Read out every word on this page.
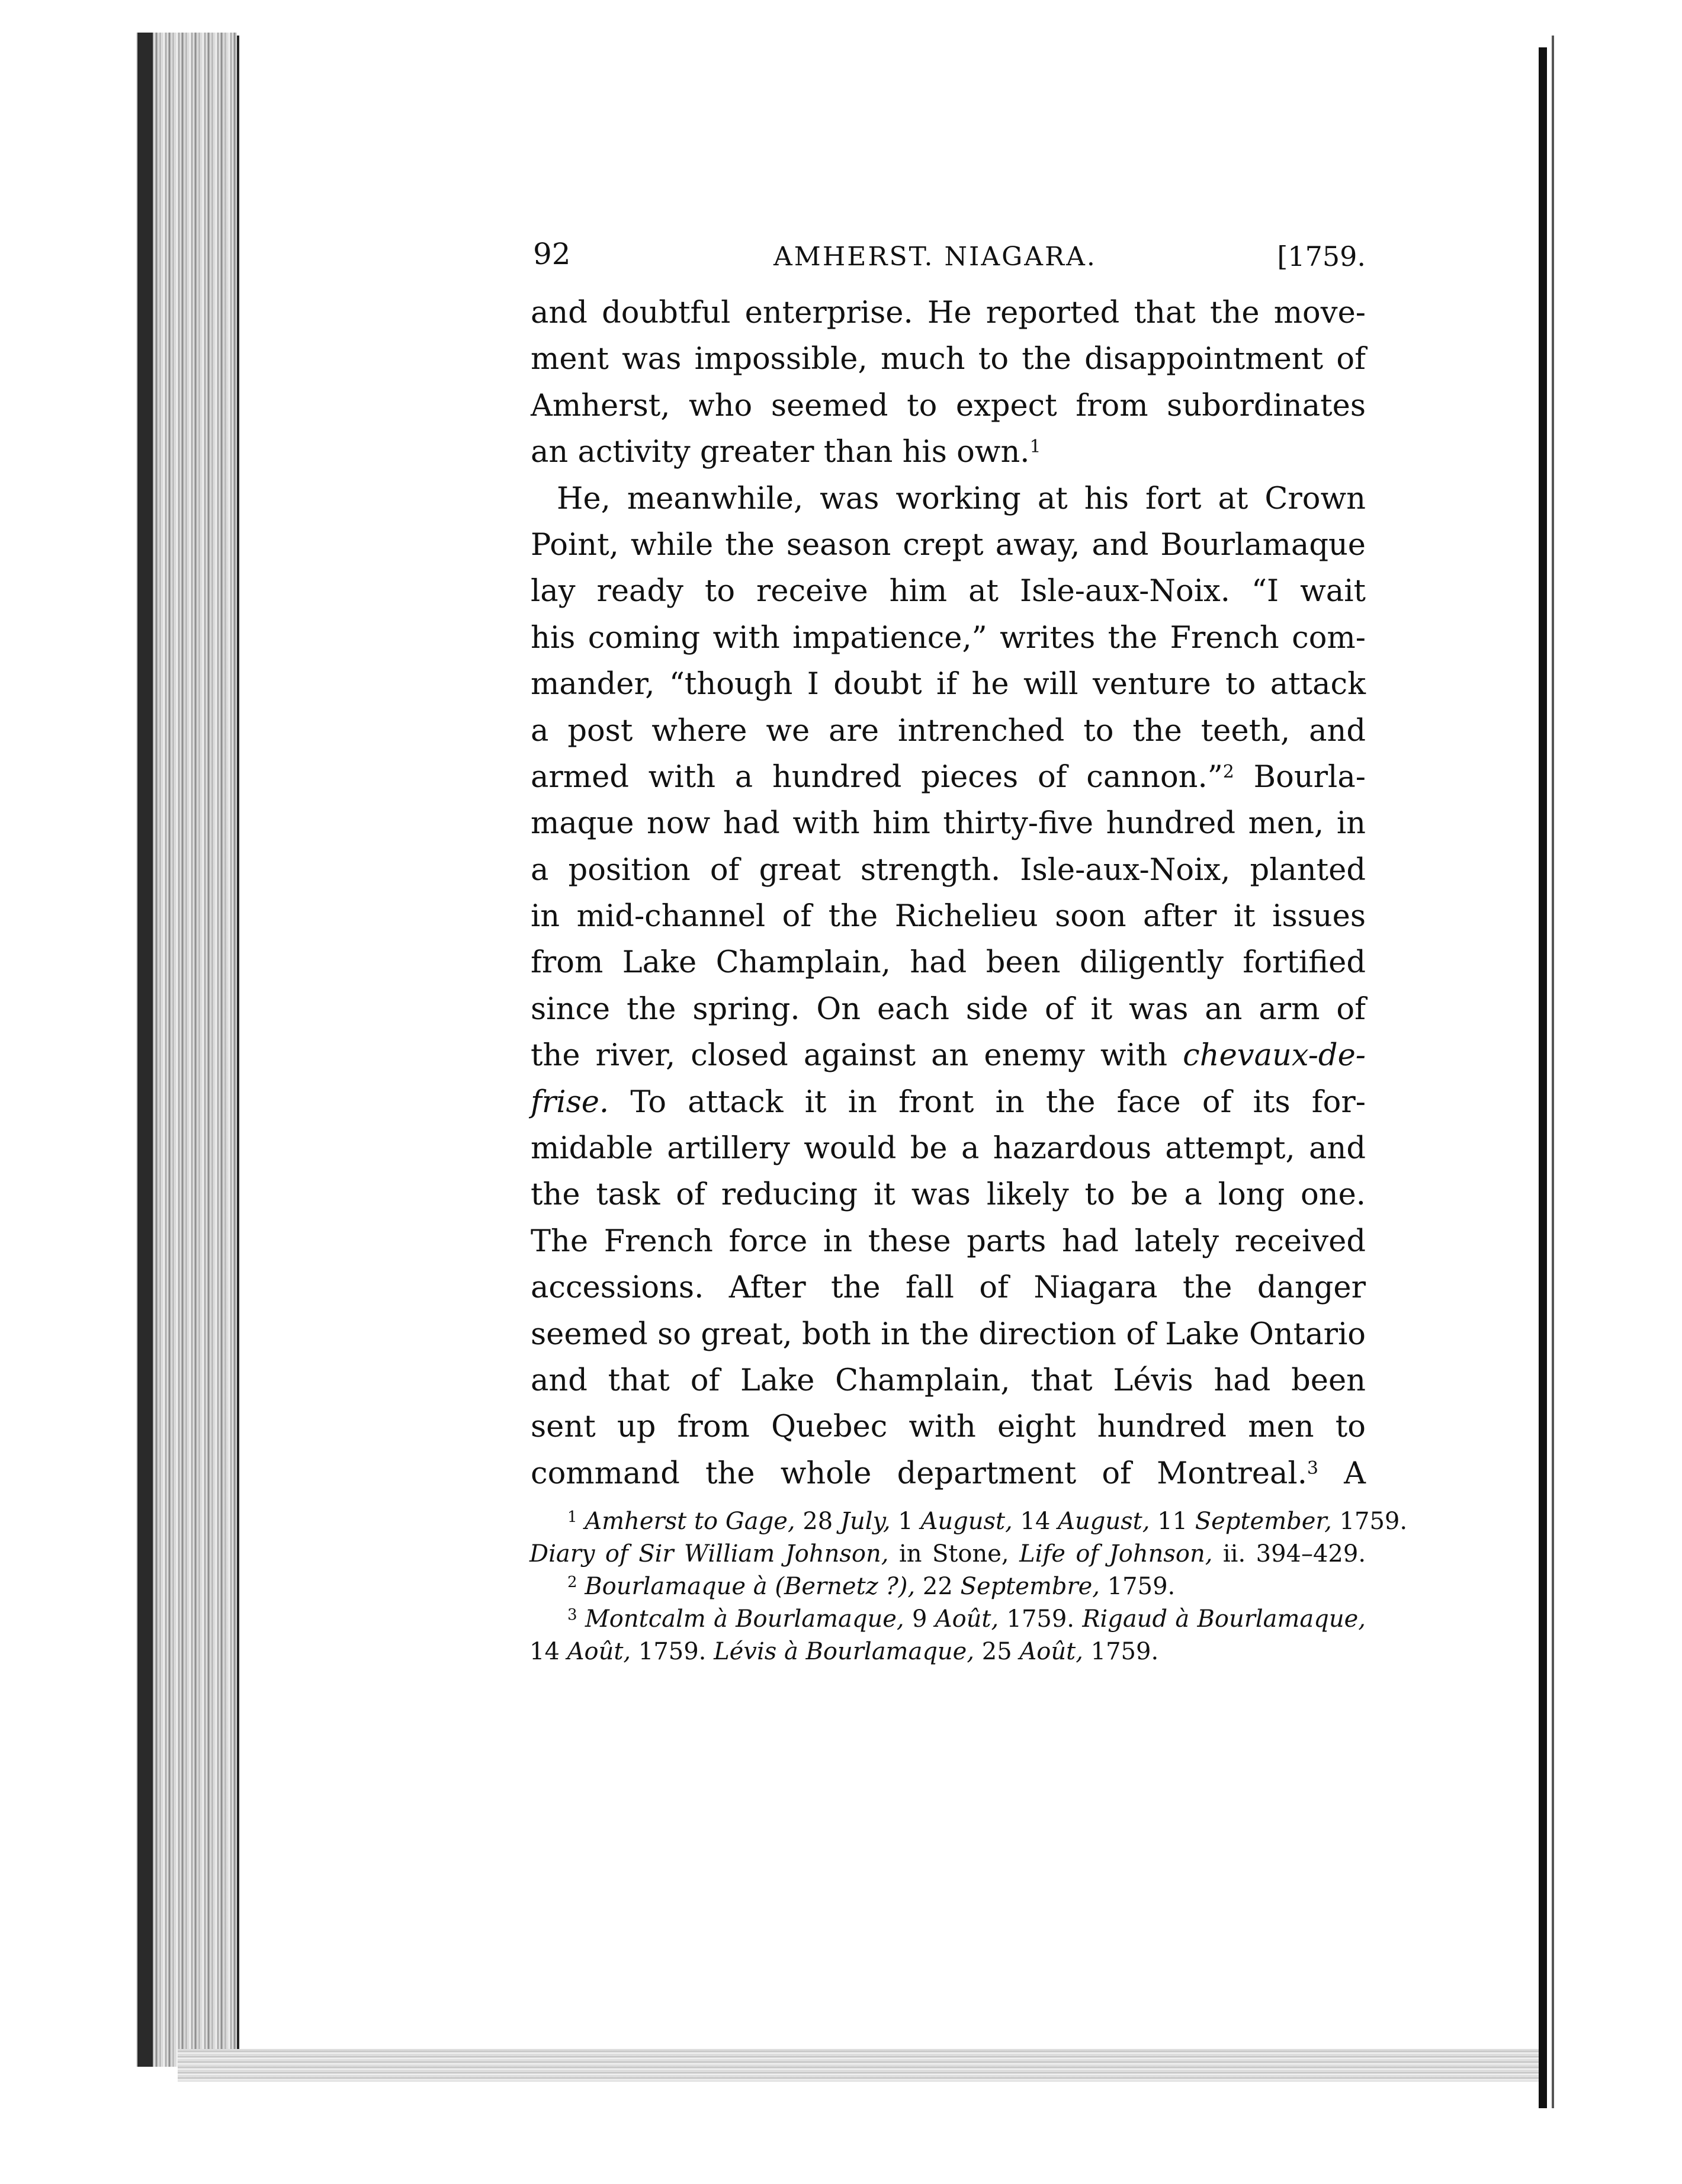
92	AMHERST. NIAGARA.	[1759.
and doubtful enterprise. He reported that the move-
ment was impossible, much to the disappointment of
Amherst, who seemed to expect from subordinates
an activity greater than his own.$^1$
He, meanwhile, was working at his fort at Crown
Point, while the season crept away, and Bourlamaque
lay ready to receive him at Isle-aux-Noix. “I wait
his coming with impatience,” writes the French com-
mander, “though I doubt if he will venture to attack
a post where we are intrenched to the teeth, and
armed with a hundred pieces of cannon.”$^2$ Bourla-
maque now had with him thirty-five hundred men, in
a position of great strength. Isle-aux-Noix, planted
in mid-channel of the Richelieu soon after it issues
from Lake Champlain, had been diligently fortified
since the spring. On each side of it was an arm of
the river, closed against an enemy with chevaux-de-
frise. To attack it in front in the face of its for-
midable artillery would be a hazardous attempt, and
the task of reducing it was likely to be a long one.
The French force in these parts had lately received
accessions. After the fall of Niagara the danger
seemed so great, both in the direction of Lake Ontario
and that of Lake Champlain, that Lévis had been
sent up from Quebec with eight hundred men to
command the whole department of Montreal.$^3$ A
$^1$ Amherst to Gage, 28 July, 1 August, 14 August, 11 September, 1759.
Diary of Sir William Johnson, in Stone, Life of Johnson, ii. 394–429.
$^2$ Bourlamaque à (Bernetz ?), 22 Septembre, 1759.
$^3$ Montcalm à Bourlamaque, 9 Août, 1759. Rigaud à Bourlamaque,
14 Août, 1759. Lévis à Bourlamaque, 25 Août, 1759.
